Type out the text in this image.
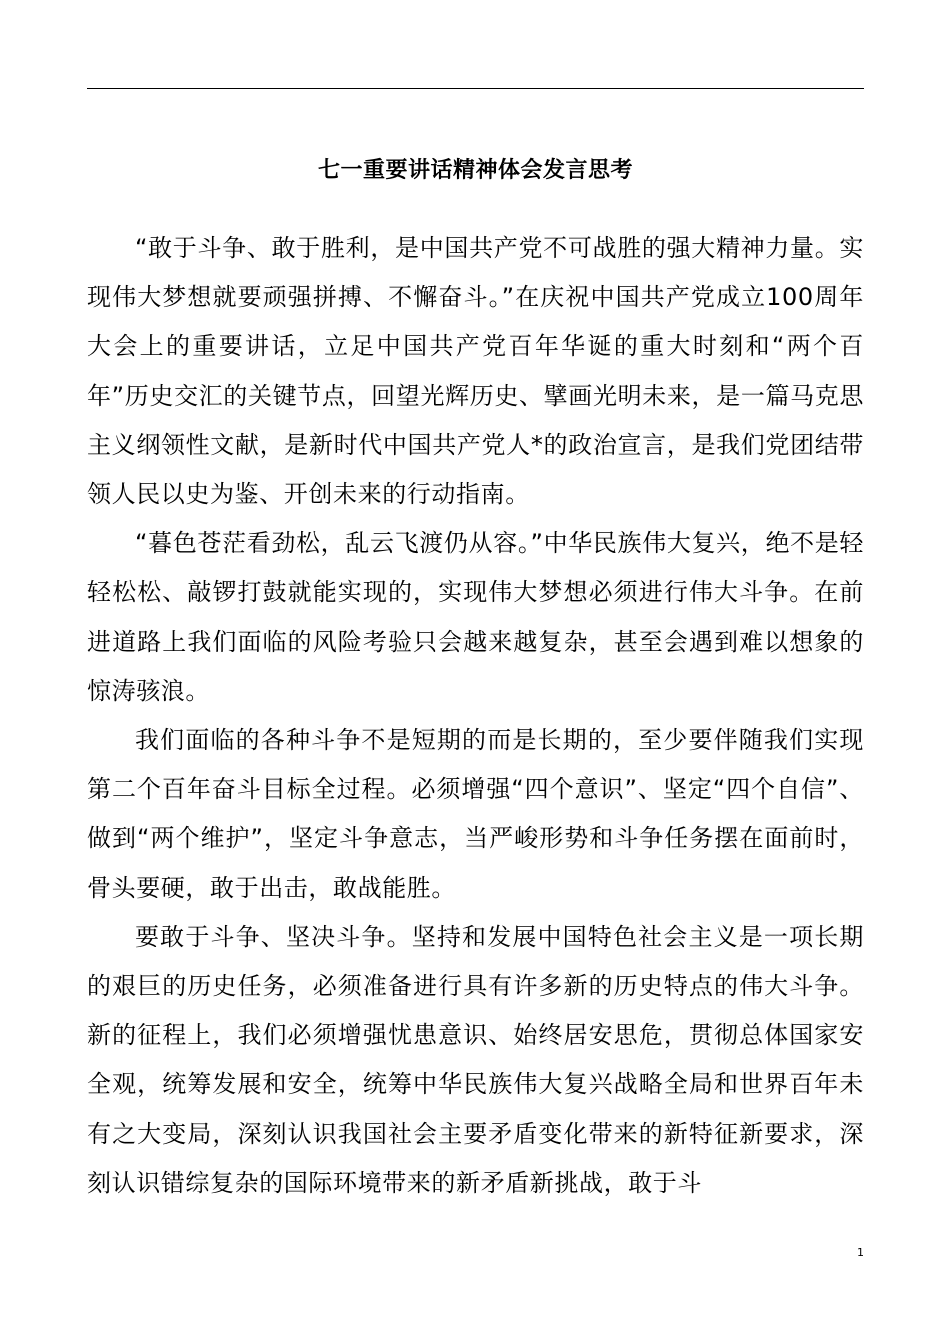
七一重要讲话精神体会发言思考

“敢于斗争、敢于胜利，是中国共产党不可战胜的强大精神力量。实现伟大梦想就要顽强拼搏、不懈奋斗。”在庆祝中国共产党成立100周年大会上的重要讲话，立足中国共产党百年华诞的重大时刻和“两个百年”历史交汇的关键节点，回望光辉历史、擘画光明未来，是一篇马克思主义纲领性文献，是新时代中国共产党人*的政治宣言，是我们党团结带领人民以史为鉴、开创未来的行动指南。

“暮色苍茫看劲松，乱云飞渡仍从容。”中华民族伟大复兴，绝不是轻轻松松、敲锣打鼓就能实现的，实现伟大梦想必须进行伟大斗争。在前进道路上我们面临的风险考验只会越来越复杂，甚至会遇到难以想象的惊涛骇浪。

我们面临的各种斗争不是短期的而是长期的，至少要伴随我们实现第二个百年奋斗目标全过程。必须增强“四个意识”、坚定“四个自信”、做到“两个维护”，坚定斗争意志，当严峻形势和斗争任务摆在面前时，骨头要硬，敢于出击，敢战能胜。

要敢于斗争、坚决斗争。坚持和发展中国特色社会主义是一项长期的艰巨的历史任务，必须准备进行具有许多新的历史特点的伟大斗争。新的征程上，我们必须增强忧患意识、始终居安思危，贯彻总体国家安全观，统筹发展和安全，统筹中华民族伟大复兴战略全局和世界百年未有之大变局，深刻认识我国社会主要矛盾变化带来的新特征新要求，深刻认识错综复杂的国际环境带来的新矛盾新挑战，敢于斗

1
